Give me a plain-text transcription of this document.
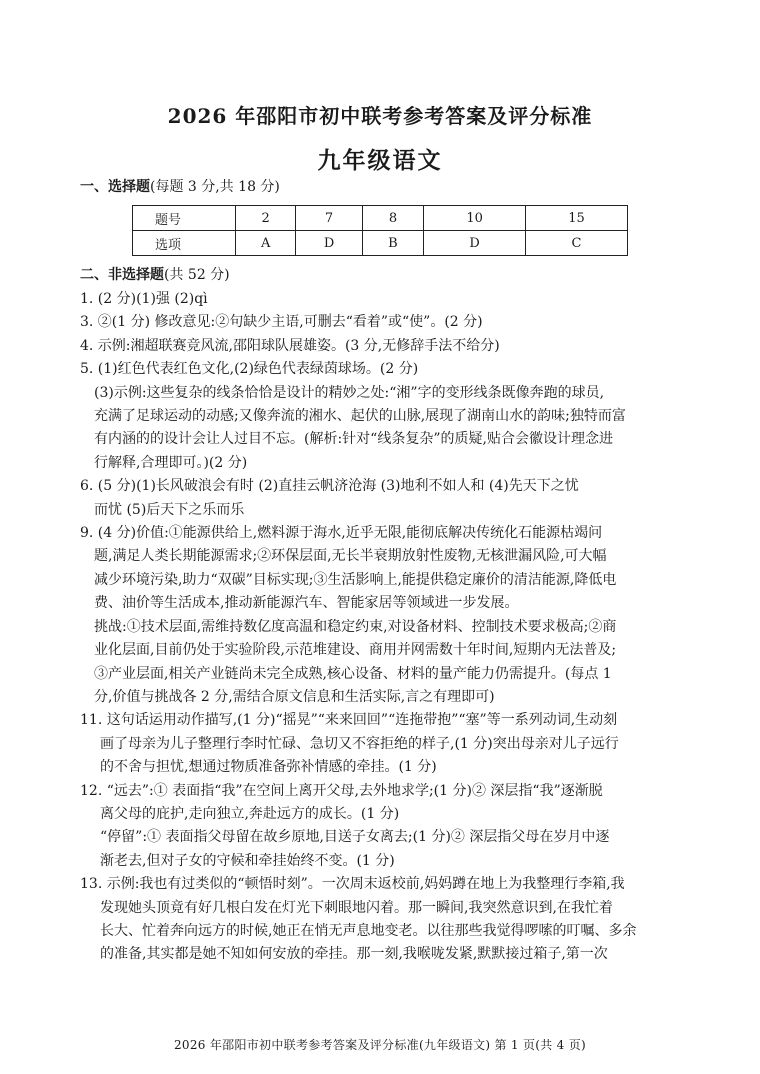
2026 年邵阳市初中联考参考答案及评分标准
九年级语文
一、选择题(每题 3 分,共 18 分)
题号	2	7	8	10	15
选项	A	D	B	D	C
二、非选择题(共 52 分)
1. (2 分)(1)强 (2)qì
3. ②(1 分) 修改意见:②句缺少主语,可删去“看着”或“使”。(2 分)
4. 示例:湘超联赛竞风流,邵阳球队展雄姿。(3 分,无修辞手法不给分)
5. (1)红色代表红色文化,(2)绿色代表绿茵球场。(2 分)
(3)示例:这些复杂的线条恰恰是设计的精妙之处:“湘”字的变形线条既像奔跑的球员,
充满了足球运动的动感;又像奔流的湘水、起伏的山脉,展现了湖南山水的韵味;独特而富
有内涵的的设计会让人过目不忘。(解析:针对“线条复杂”的质疑,贴合会徽设计理念进
行解释,合理即可。)(2 分)
6. (5 分)(1)长风破浪会有时 (2)直挂云帆济沧海 (3)地利不如人和 (4)先天下之忧
而忧 (5)后天下之乐而乐
9. (4 分)价值:①能源供给上,燃料源于海水,近乎无限,能彻底解决传统化石能源枯竭问
题,满足人类长期能源需求;②环保层面,无长半衰期放射性废物,无核泄漏风险,可大幅
减少环境污染,助力“双碳”目标实现;③生活影响上,能提供稳定廉价的清洁能源,降低电
费、油价等生活成本,推动新能源汽车、智能家居等领域进一步发展。
挑战:①技术层面,需维持数亿度高温和稳定约束,对设备材料、控制技术要求极高;②商
业化层面,目前仍处于实验阶段,示范堆建设、商用并网需数十年时间,短期内无法普及;
③产业层面,相关产业链尚未完全成熟,核心设备、材料的量产能力仍需提升。(每点 1
分,价值与挑战各 2 分,需结合原文信息和生活实际,言之有理即可)
11. 这句话运用动作描写,(1 分)“摇晃”“来来回回”“连拖带抱”“塞”等一系列动词,生动刻
画了母亲为儿子整理行李时忙碌、急切又不容拒绝的样子,(1 分)突出母亲对儿子远行
的不舍与担忧,想通过物质准备弥补情感的牵挂。(1 分)
12. “远去”:① 表面指“我”在空间上离开父母,去外地求学;(1 分)② 深层指“我”逐渐脱
离父母的庇护,走向独立,奔赴远方的成长。(1 分)
“停留”:① 表面指父母留在故乡原地,目送子女离去;(1 分)② 深层指父母在岁月中逐
渐老去,但对子女的守候和牵挂始终不变。(1 分)
13. 示例:我也有过类似的“顿悟时刻”。一次周末返校前,妈妈蹲在地上为我整理行李箱,我
发现她头顶竟有好几根白发在灯光下刺眼地闪着。那一瞬间,我突然意识到,在我忙着
长大、忙着奔向远方的时候,她正在悄无声息地变老。以往那些我觉得啰嗦的叮嘱、多余
的准备,其实都是她不知如何安放的牵挂。那一刻,我喉咙发紧,默默接过箱子,第一次
2026 年邵阳市初中联考参考答案及评分标准(九年级语文) 第 1 页(共 4 页)
